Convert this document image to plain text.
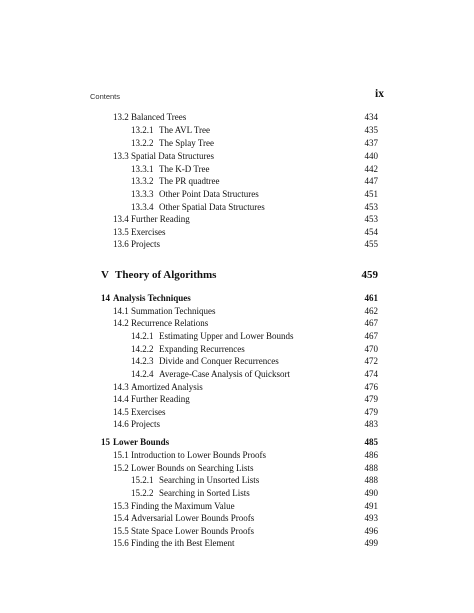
Contents	ix
13.2 Balanced Trees	434
13.2.1 The AVL Tree	435
13.2.2 The Splay Tree	437
13.3 Spatial Data Structures	440
13.3.1 The K-D Tree	442
13.3.2 The PR quadtree	447
13.3.3 Other Point Data Structures	451
13.3.4 Other Spatial Data Structures	453
13.4 Further Reading	453
13.5 Exercises	454
13.6 Projects	455
V Theory of Algorithms	459
14 Analysis Techniques	461
14.1 Summation Techniques	462
14.2 Recurrence Relations	467
14.2.1 Estimating Upper and Lower Bounds	467
14.2.2 Expanding Recurrences	470
14.2.3 Divide and Conquer Recurrences	472
14.2.4 Average-Case Analysis of Quicksort	474
14.3 Amortized Analysis	476
14.4 Further Reading	479
14.5 Exercises	479
14.6 Projects	483
15 Lower Bounds	485
15.1 Introduction to Lower Bounds Proofs	486
15.2 Lower Bounds on Searching Lists	488
15.2.1 Searching in Unsorted Lists	488
15.2.2 Searching in Sorted Lists	490
15.3 Finding the Maximum Value	491
15.4 Adversarial Lower Bounds Proofs	493
15.5 State Space Lower Bounds Proofs	496
15.6 Finding the ith Best Element	499
